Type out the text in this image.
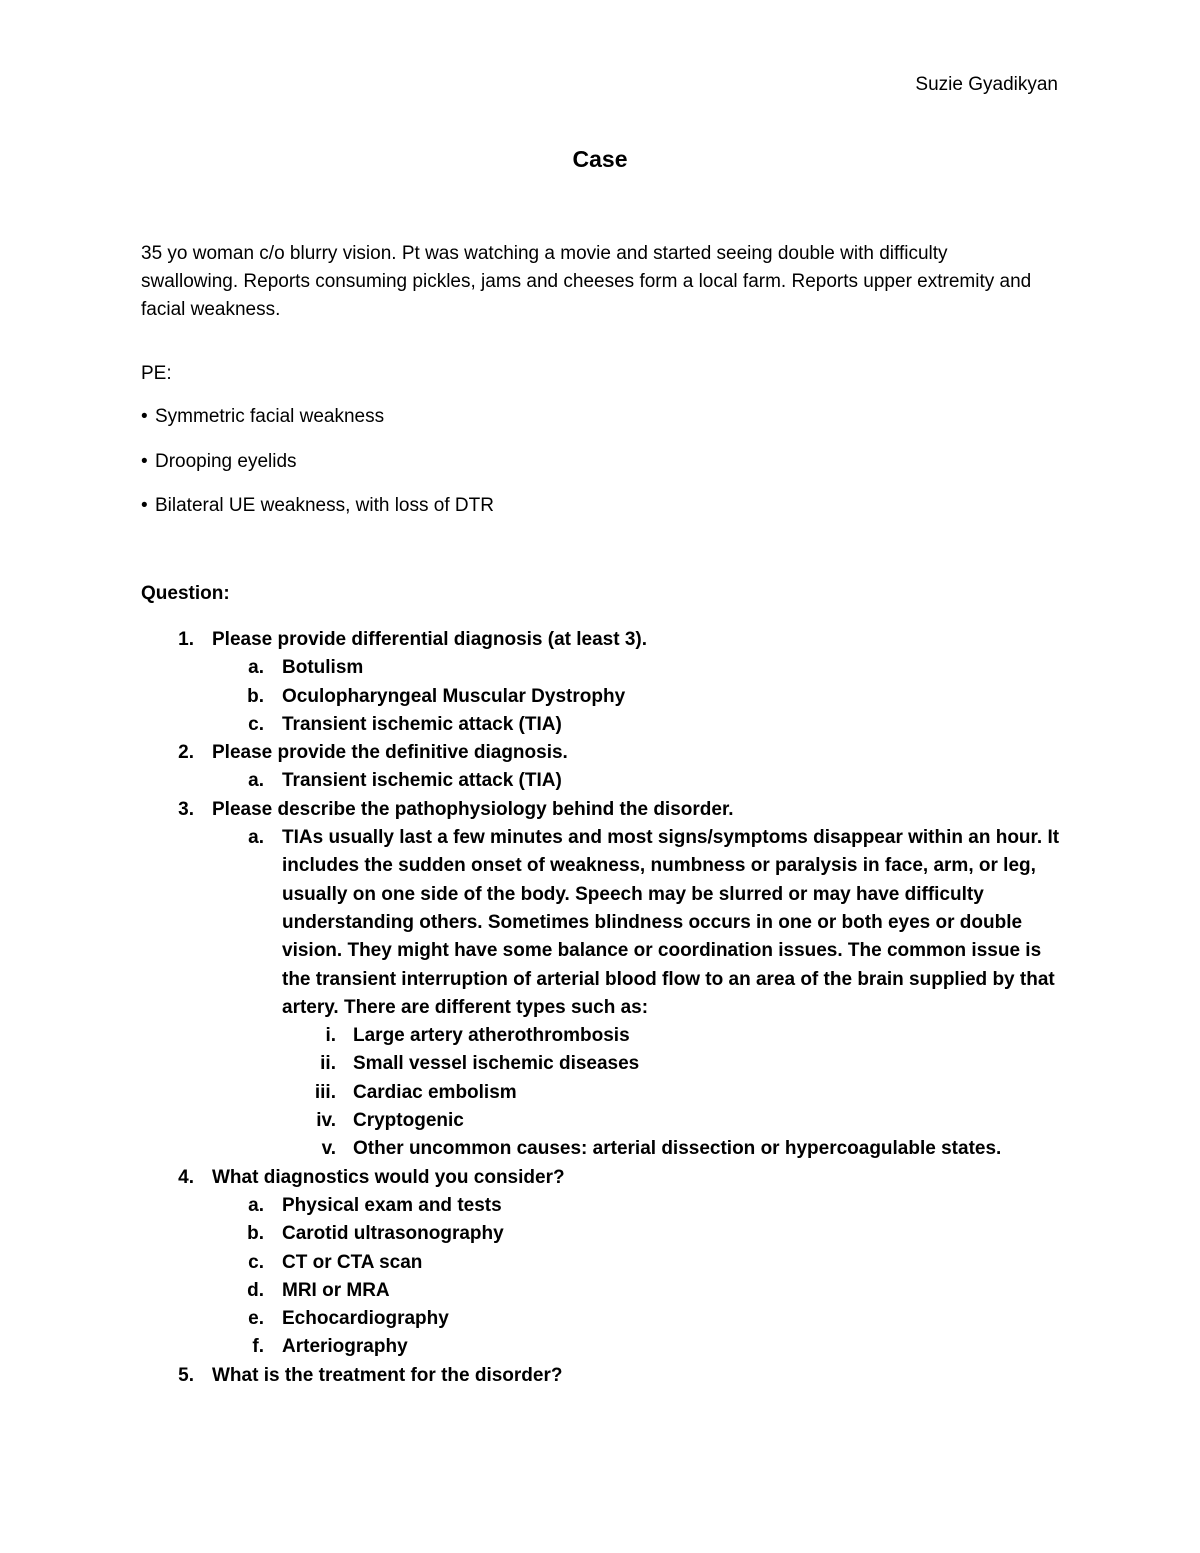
Suzie Gyadikyan
Case
35 yo woman c/o blurry vision. Pt was watching a movie and started seeing double with difficulty swallowing. Reports consuming pickles, jams and cheeses form a local farm. Reports upper extremity and facial weakness.
PE:
• Symmetric facial weakness
• Drooping eyelids
• Bilateral UE weakness, with loss of DTR
Question:
1. Please provide differential diagnosis (at least 3).
a. Botulism
b. Oculopharyngeal Muscular Dystrophy
c. Transient ischemic attack (TIA)
2. Please provide the definitive diagnosis.
a. Transient ischemic attack (TIA)
3. Please describe the pathophysiology behind the disorder.
a. TIAs usually last a few minutes and most signs/symptoms disappear within an hour. It includes the sudden onset of weakness, numbness or paralysis in face, arm, or leg, usually on one side of the body. Speech may be slurred or may have difficulty understanding others. Sometimes blindness occurs in one or both eyes or double vision. They might have some balance or coordination issues. The common issue is the transient interruption of arterial blood flow to an area of the brain supplied by that artery. There are different types such as:
i. Large artery atherothrombosis
ii. Small vessel ischemic diseases
iii. Cardiac embolism
iv. Cryptogenic
v. Other uncommon causes: arterial dissection or hypercoagulable states.
4. What diagnostics would you consider?
a. Physical exam and tests
b. Carotid ultrasonography
c. CT or CTA scan
d. MRI or MRA
e. Echocardiography
f. Arteriography
5. What is the treatment for the disorder?
